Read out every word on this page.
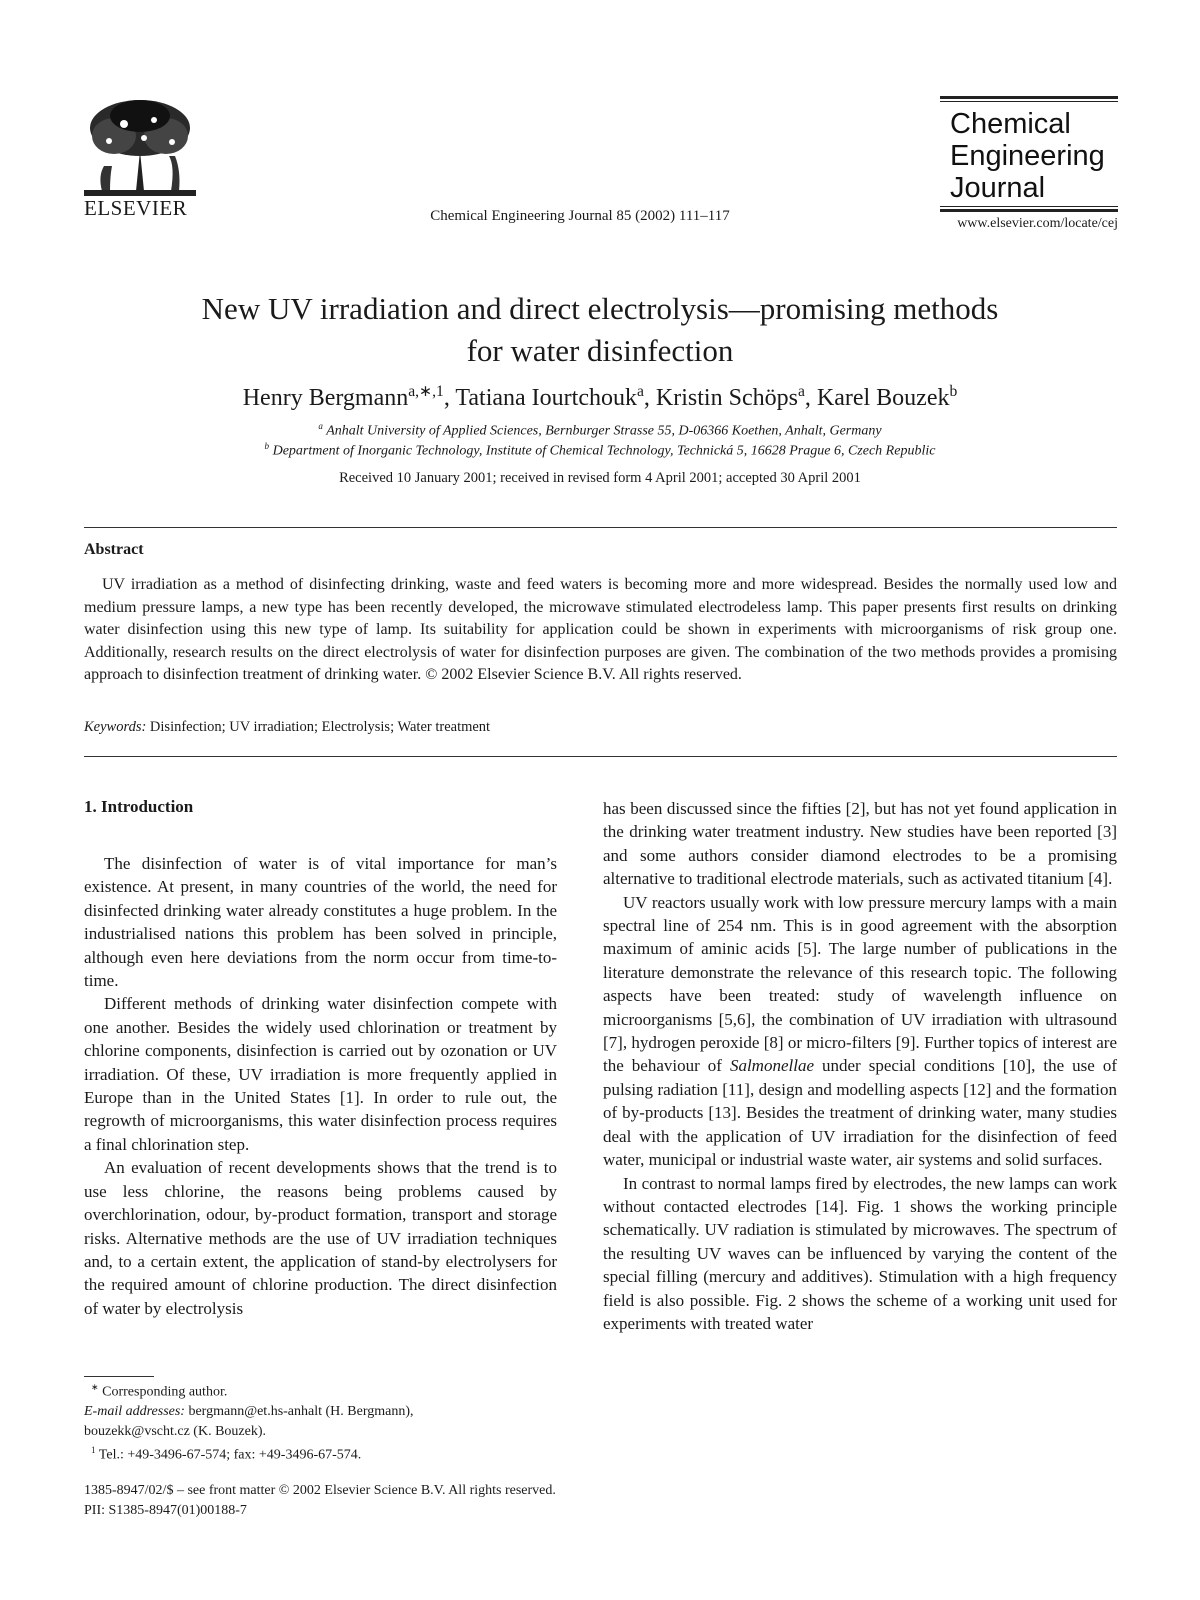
ELSEVIER	Chemical Engineering Journal 85 (2002) 111–117
Chemical
Engineering
Journal
www.elsevier.com/locate/cej
New UV irradiation and direct electrolysis—promising methods
for water disinfection
Henry Bergmann$^{a,∗,1}$, Tatiana Iourtchouk$^a$, Kristin Schöps$^a$, Karel Bouzek$^b$
$^a$ Anhalt University of Applied Sciences, Bernburger Strasse 55, D-06366 Koethen, Anhalt, Germany
$^b$ Department of Inorganic Technology, Institute of Chemical Technology, Technická 5, 16628 Prague 6, Czech Republic
Received 10 January 2001; received in revised form 4 April 2001; accepted 30 April 2001
Abstract
UV irradiation as a method of disinfecting drinking, waste and feed waters is becoming more and more widespread. Besides the normally used low and medium pressure lamps, a new type has been recently developed, the microwave stimulated electrodeless lamp. This paper presents first results on drinking water disinfection using this new type of lamp. Its suitability for application could be shown in experiments with microorganisms of risk group one. Additionally, research results on the direct electrolysis of water for disinfection purposes are given. The combination of the two methods provides a promising approach to disinfection treatment of drinking water. © 2002 Elsevier Science B.V. All rights reserved.
Keywords: Disinfection; UV irradiation; Electrolysis; Water treatment
1. Introduction

The disinfection of water is of vital importance for man’s existence. At present, in many countries of the world, the need for disinfected drinking water already constitutes a huge problem. In the industrialised nations this problem has been solved in principle, although even here deviations from the norm occur from time-to-time.

Different methods of drinking water disinfection compete with one another. Besides the widely used chlorination or treatment by chlorine components, disinfection is carried out by ozonation or UV irradiation. Of these, UV irradiation is more frequently applied in Europe than in the United States [1]. In order to rule out, the regrowth of microorganisms, this water disinfection process requires a final chlorination step.

An evaluation of recent developments shows that the trend is to use less chlorine, the reasons being problems caused by overchlorination, odour, by-product formation, transport and storage risks. Alternative methods are the use of UV irradiation techniques and, to a certain extent, the application of stand-by electrolysers for the required amount of chlorine production. The direct disinfection of water by electrolysis

has been discussed since the fifties [2], but has not yet found application in the drinking water treatment industry. New studies have been reported [3] and some authors consider diamond electrodes to be a promising alternative to traditional electrode materials, such as activated titanium [4].

UV reactors usually work with low pressure mercury lamps with a main spectral line of 254 nm. This is in good agreement with the absorption maximum of aminic acids [5]. The large number of publications in the literature demonstrate the relevance of this research topic. The following aspects have been treated: study of wavelength influence on microorganisms [5,6], the combination of UV irradiation with ultrasound [7], hydrogen peroxide [8] or micro-filters [9]. Further topics of interest are the behaviour of Salmonellae under special conditions [10], the use of pulsing radiation [11], design and modelling aspects [12] and the formation of by-products [13]. Besides the treatment of drinking water, many studies deal with the application of UV irradiation for the disinfection of feed water, municipal or industrial waste water, air systems and solid surfaces.

In contrast to normal lamps fired by electrodes, the new lamps can work without contacted electrodes [14]. Fig. 1 shows the working principle schematically. UV radiation is stimulated by microwaves. The spectrum of the resulting UV waves can be influenced by varying the content of the special filling (mercury and additives). Stimulation with a high frequency field is also possible. Fig. 2 shows the scheme of a working unit used for experiments with treated water

∗ Corresponding author.
E-mail addresses: bergmann@et.hs-anhalt (H. Bergmann),
bouzekk@vscht.cz (K. Bouzek).
$^1$ Tel.: +49-3496-67-574; fax: +49-3496-67-574.
1385-8947/02/$ – see front matter © 2002 Elsevier Science B.V. All rights reserved.
PII: S1385-8947(01)00188-7
